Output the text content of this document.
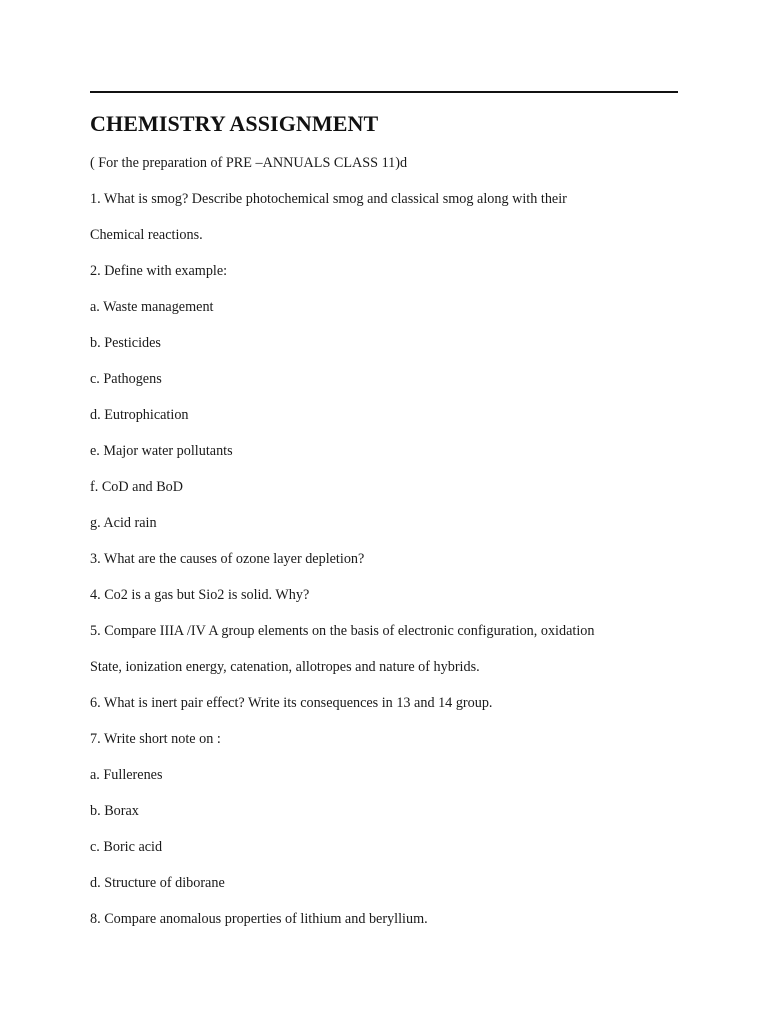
CHEMISTRY ASSIGNMENT
( For the preparation of PRE –ANNUALS CLASS 11)d
1. What is smog? Describe photochemical smog and classical smog along with their
Chemical reactions.
2. Define with example:
a. Waste management
b. Pesticides
c. Pathogens
d. Eutrophication
e. Major water pollutants
f. CoD and BoD
g. Acid rain
3. What are the causes of ozone layer depletion?
4. Co2 is a gas but Sio2 is solid. Why?
5. Compare IIIA /IV A group elements on the basis of electronic configuration, oxidation
State, ionization energy, catenation, allotropes and nature of hybrids.
6. What is inert pair effect? Write its consequences in 13 and 14 group.
7. Write short note on :
a. Fullerenes
b. Borax
c. Boric acid
d. Structure of diborane
8. Compare anomalous properties of lithium and beryllium.
